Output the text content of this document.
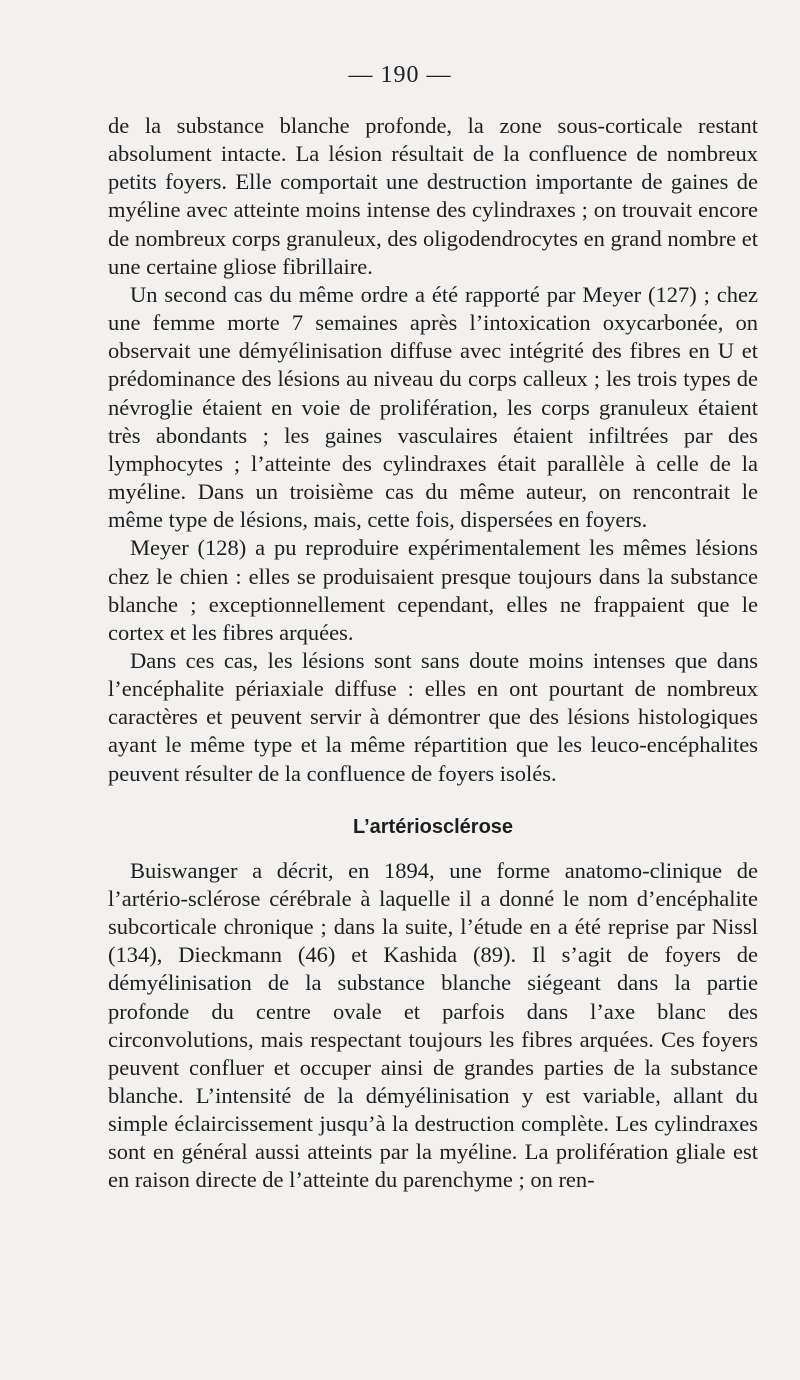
— 190 —

de la substance blanche profonde, la zone sous-corticale restant absolument intacte. La lésion résultait de la confluence de nombreux petits foyers. Elle comportait une destruction importante de gaines de myéline avec atteinte moins intense des cylindraxes ; on trouvait encore de nombreux corps granuleux, des oligodendrocytes en grand nombre et une certaine gliose fibrillaire.

Un second cas du même ordre a été rapporté par Meyer (127) ; chez une femme morte 7 semaines après l’intoxication oxycarbonée, on observait une démyélinisation diffuse avec intégrité des fibres en U et prédominance des lésions au niveau du corps calleux ; les trois types de névroglie étaient en voie de prolifération, les corps granuleux étaient très abondants ; les gaines vasculaires étaient infiltrées par des lymphocytes ; l’atteinte des cylindraxes était parallèle à celle de la myéline. Dans un troisième cas du même auteur, on rencontrait le même type de lésions, mais, cette fois, dispersées en foyers.

Meyer (128) a pu reproduire expérimentalement les mêmes lésions chez le chien : elles se produisaient presque toujours dans la substance blanche ; exceptionnellement cependant, elles ne frappaient que le cortex et les fibres arquées.

Dans ces cas, les lésions sont sans doute moins intenses que dans l’encéphalite périaxiale diffuse : elles en ont pourtant de nombreux caractères et peuvent servir à démontrer que des lésions histologiques ayant le même type et la même répartition que les leuco-encéphalites peuvent résulter de la confluence de foyers isolés.

L’artériosclérose

Buiswanger a décrit, en 1894, une forme anatomo-clinique de l’artério-sclérose cérébrale à laquelle il a donné le nom d’encéphalite subcorticale chronique ; dans la suite, l’étude en a été reprise par Nissl (134), Dieckmann (46) et Kashida (89). Il s’agit de foyers de démyélinisation de la substance blanche siégeant dans la partie profonde du centre ovale et parfois dans l’axe blanc des circonvolutions, mais respectant toujours les fibres arquées. Ces foyers peuvent confluer et occuper ainsi de grandes parties de la substance blanche. L’intensité de la démyélinisation y est variable, allant du simple éclaircissement jusqu’à la destruction complète. Les cylindraxes sont en général aussi atteints par la myéline. La prolifération gliale est en raison directe de l’atteinte du parenchyme ; on ren-
